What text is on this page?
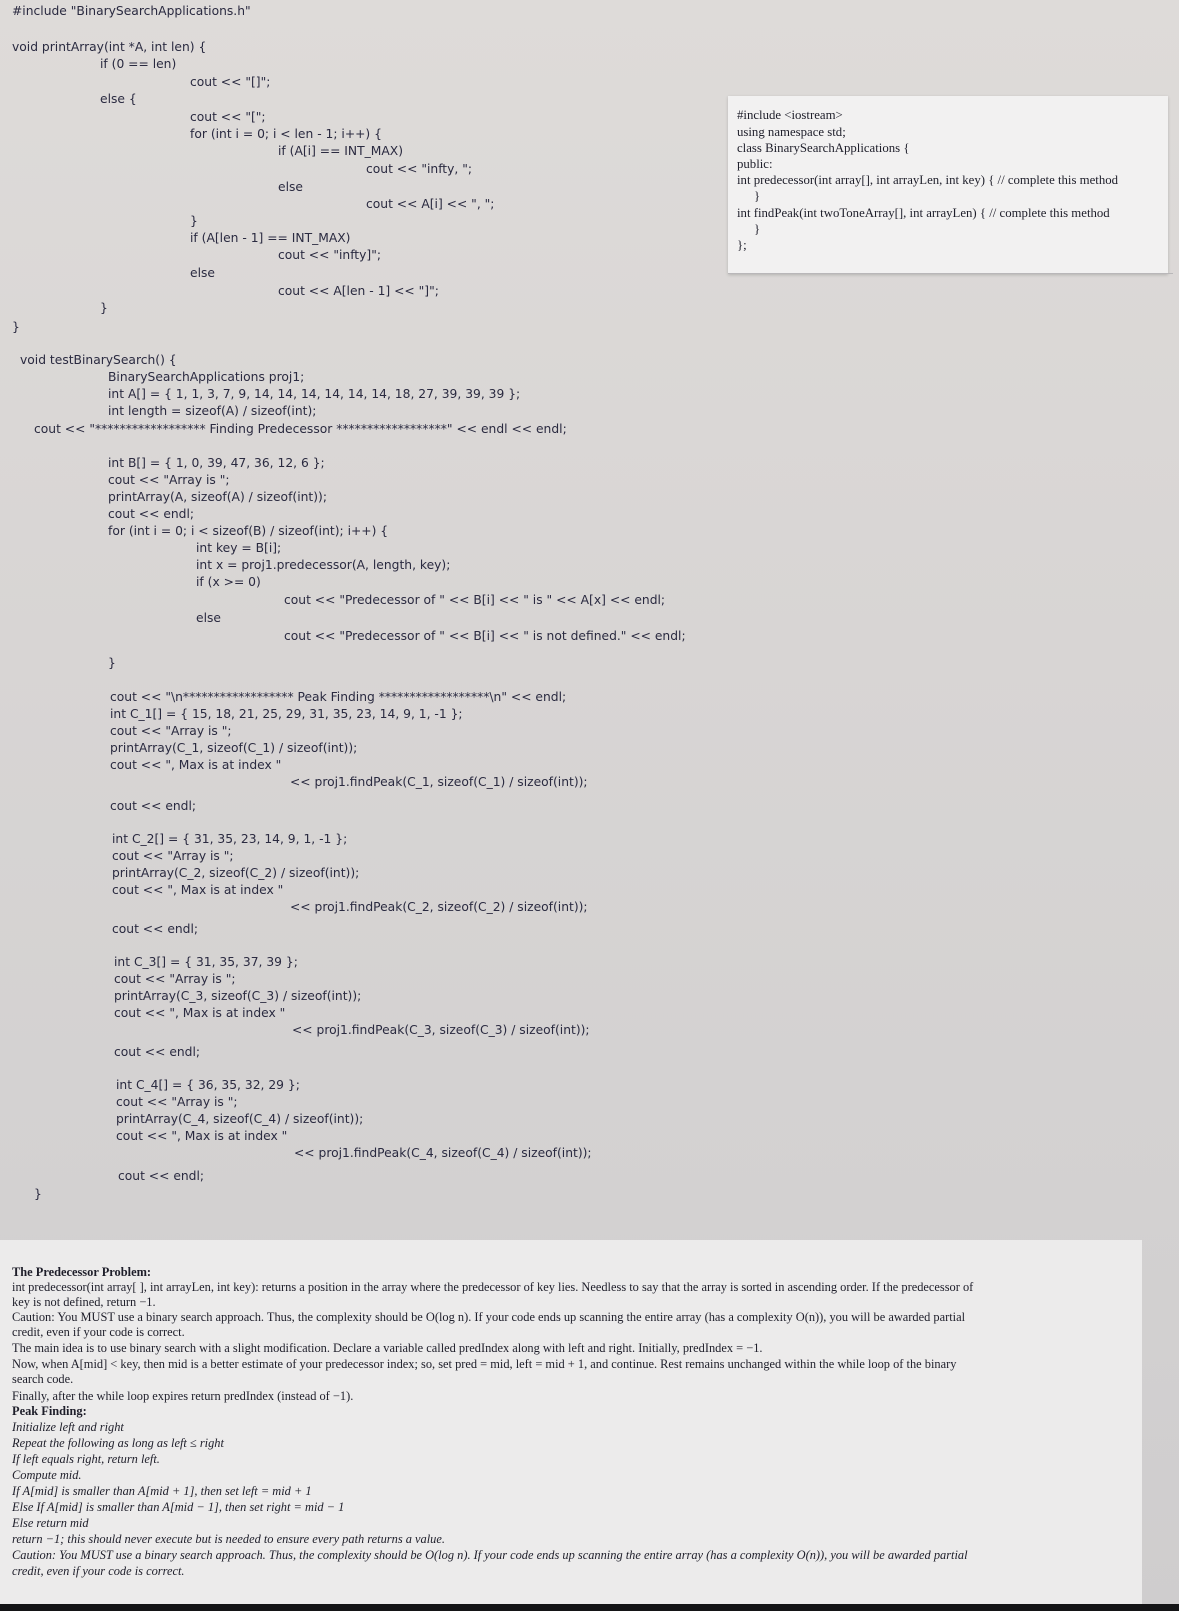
#include "BinarySearchApplications.h"
void printArray(int *A, int len) {
if (0 == len)
cout << "[]";
else {
cout << "[";
for (int i = 0; i < len - 1; i++) {
if (A[i] == INT_MAX)
cout << "infty, ";
else
cout << A[i] << ", ";
}
if (A[len - 1] == INT_MAX)
cout << "infty]";
else
cout << A[len - 1] << "]";
}
}
void testBinarySearch() {
BinarySearchApplications proj1;
int A[] = { 1, 1, 3, 7, 9, 14, 14, 14, 14, 14, 14, 18, 27, 39, 39, 39 };
int length = sizeof(A) / sizeof(int);
cout << "****************** Finding Predecessor ******************" << endl << endl;
int B[] = { 1, 0, 39, 47, 36, 12, 6 };
cout << "Array is ";
printArray(A, sizeof(A) / sizeof(int));
cout << endl;
for (int i = 0; i < sizeof(B) / sizeof(int); i++) {
int key = B[i];
int x = proj1.predecessor(A, length, key);
if (x >= 0)
cout << "Predecessor of " << B[i] << " is " << A[x] << endl;
else
cout << "Predecessor of " << B[i] << " is not defined." << endl;
}
cout << "\n****************** Peak Finding ******************\n" << endl;
int C_1[] = { 15, 18, 21, 25, 29, 31, 35, 23, 14, 9, 1, -1 };
cout << "Array is ";
printArray(C_1, sizeof(C_1) / sizeof(int));
cout << ", Max is at index "
<< proj1.findPeak(C_1, sizeof(C_1) / sizeof(int));
cout << endl;
int C_2[] = { 31, 35, 23, 14, 9, 1, -1 };
cout << "Array is ";
printArray(C_2, sizeof(C_2) / sizeof(int));
cout << ", Max is at index "
<< proj1.findPeak(C_2, sizeof(C_2) / sizeof(int));
cout << endl;
int C_3[] = { 31, 35, 37, 39 };
cout << "Array is ";
printArray(C_3, sizeof(C_3) / sizeof(int));
cout << ", Max is at index "
<< proj1.findPeak(C_3, sizeof(C_3) / sizeof(int));
cout << endl;
int C_4[] = { 36, 35, 32, 29 };
cout << "Array is ";
printArray(C_4, sizeof(C_4) / sizeof(int));
cout << ", Max is at index "
<< proj1.findPeak(C_4, sizeof(C_4) / sizeof(int));
cout << endl;
}
#include <iostream>
using namespace std;
class BinarySearchApplications {
public:
int predecessor(int array[], int arrayLen, int key) { // complete this method
}
int findPeak(int twoToneArray[], int arrayLen) { // complete this method
}
};
The Predecessor Problem:
int predecessor(int array[ ], int arrayLen, int key): returns a position in the array where the predecessor of key lies. Needless to say that the array is sorted in ascending order. If the predecessor of
key is not defined, return −1.
Caution: You MUST use a binary search approach. Thus, the complexity should be O(log n). If your code ends up scanning the entire array (has a complexity O(n)), you will be awarded partial
credit, even if your code is correct.
The main idea is to use binary search with a slight modification. Declare a variable called predIndex along with left and right. Initially, predIndex = −1.
Now, when A[mid] < key, then mid is a better estimate of your predecessor index; so, set pred = mid, left = mid + 1, and continue. Rest remains unchanged within the while loop of the binary
search code.
Finally, after the while loop expires return predIndex (instead of −1).
Peak Finding:
Initialize left and right
Repeat the following as long as left ≤ right
If left equals right, return left.
Compute mid.
If A[mid] is smaller than A[mid + 1], then set left = mid + 1
Else If A[mid] is smaller than A[mid − 1], then set right = mid − 1
Else return mid
return −1; this should never execute but is needed to ensure every path returns a value.
Caution: You MUST use a binary search approach. Thus, the complexity should be O(log n). If your code ends up scanning the entire array (has a complexity O(n)), you will be awarded partial
credit, even if your code is correct.
